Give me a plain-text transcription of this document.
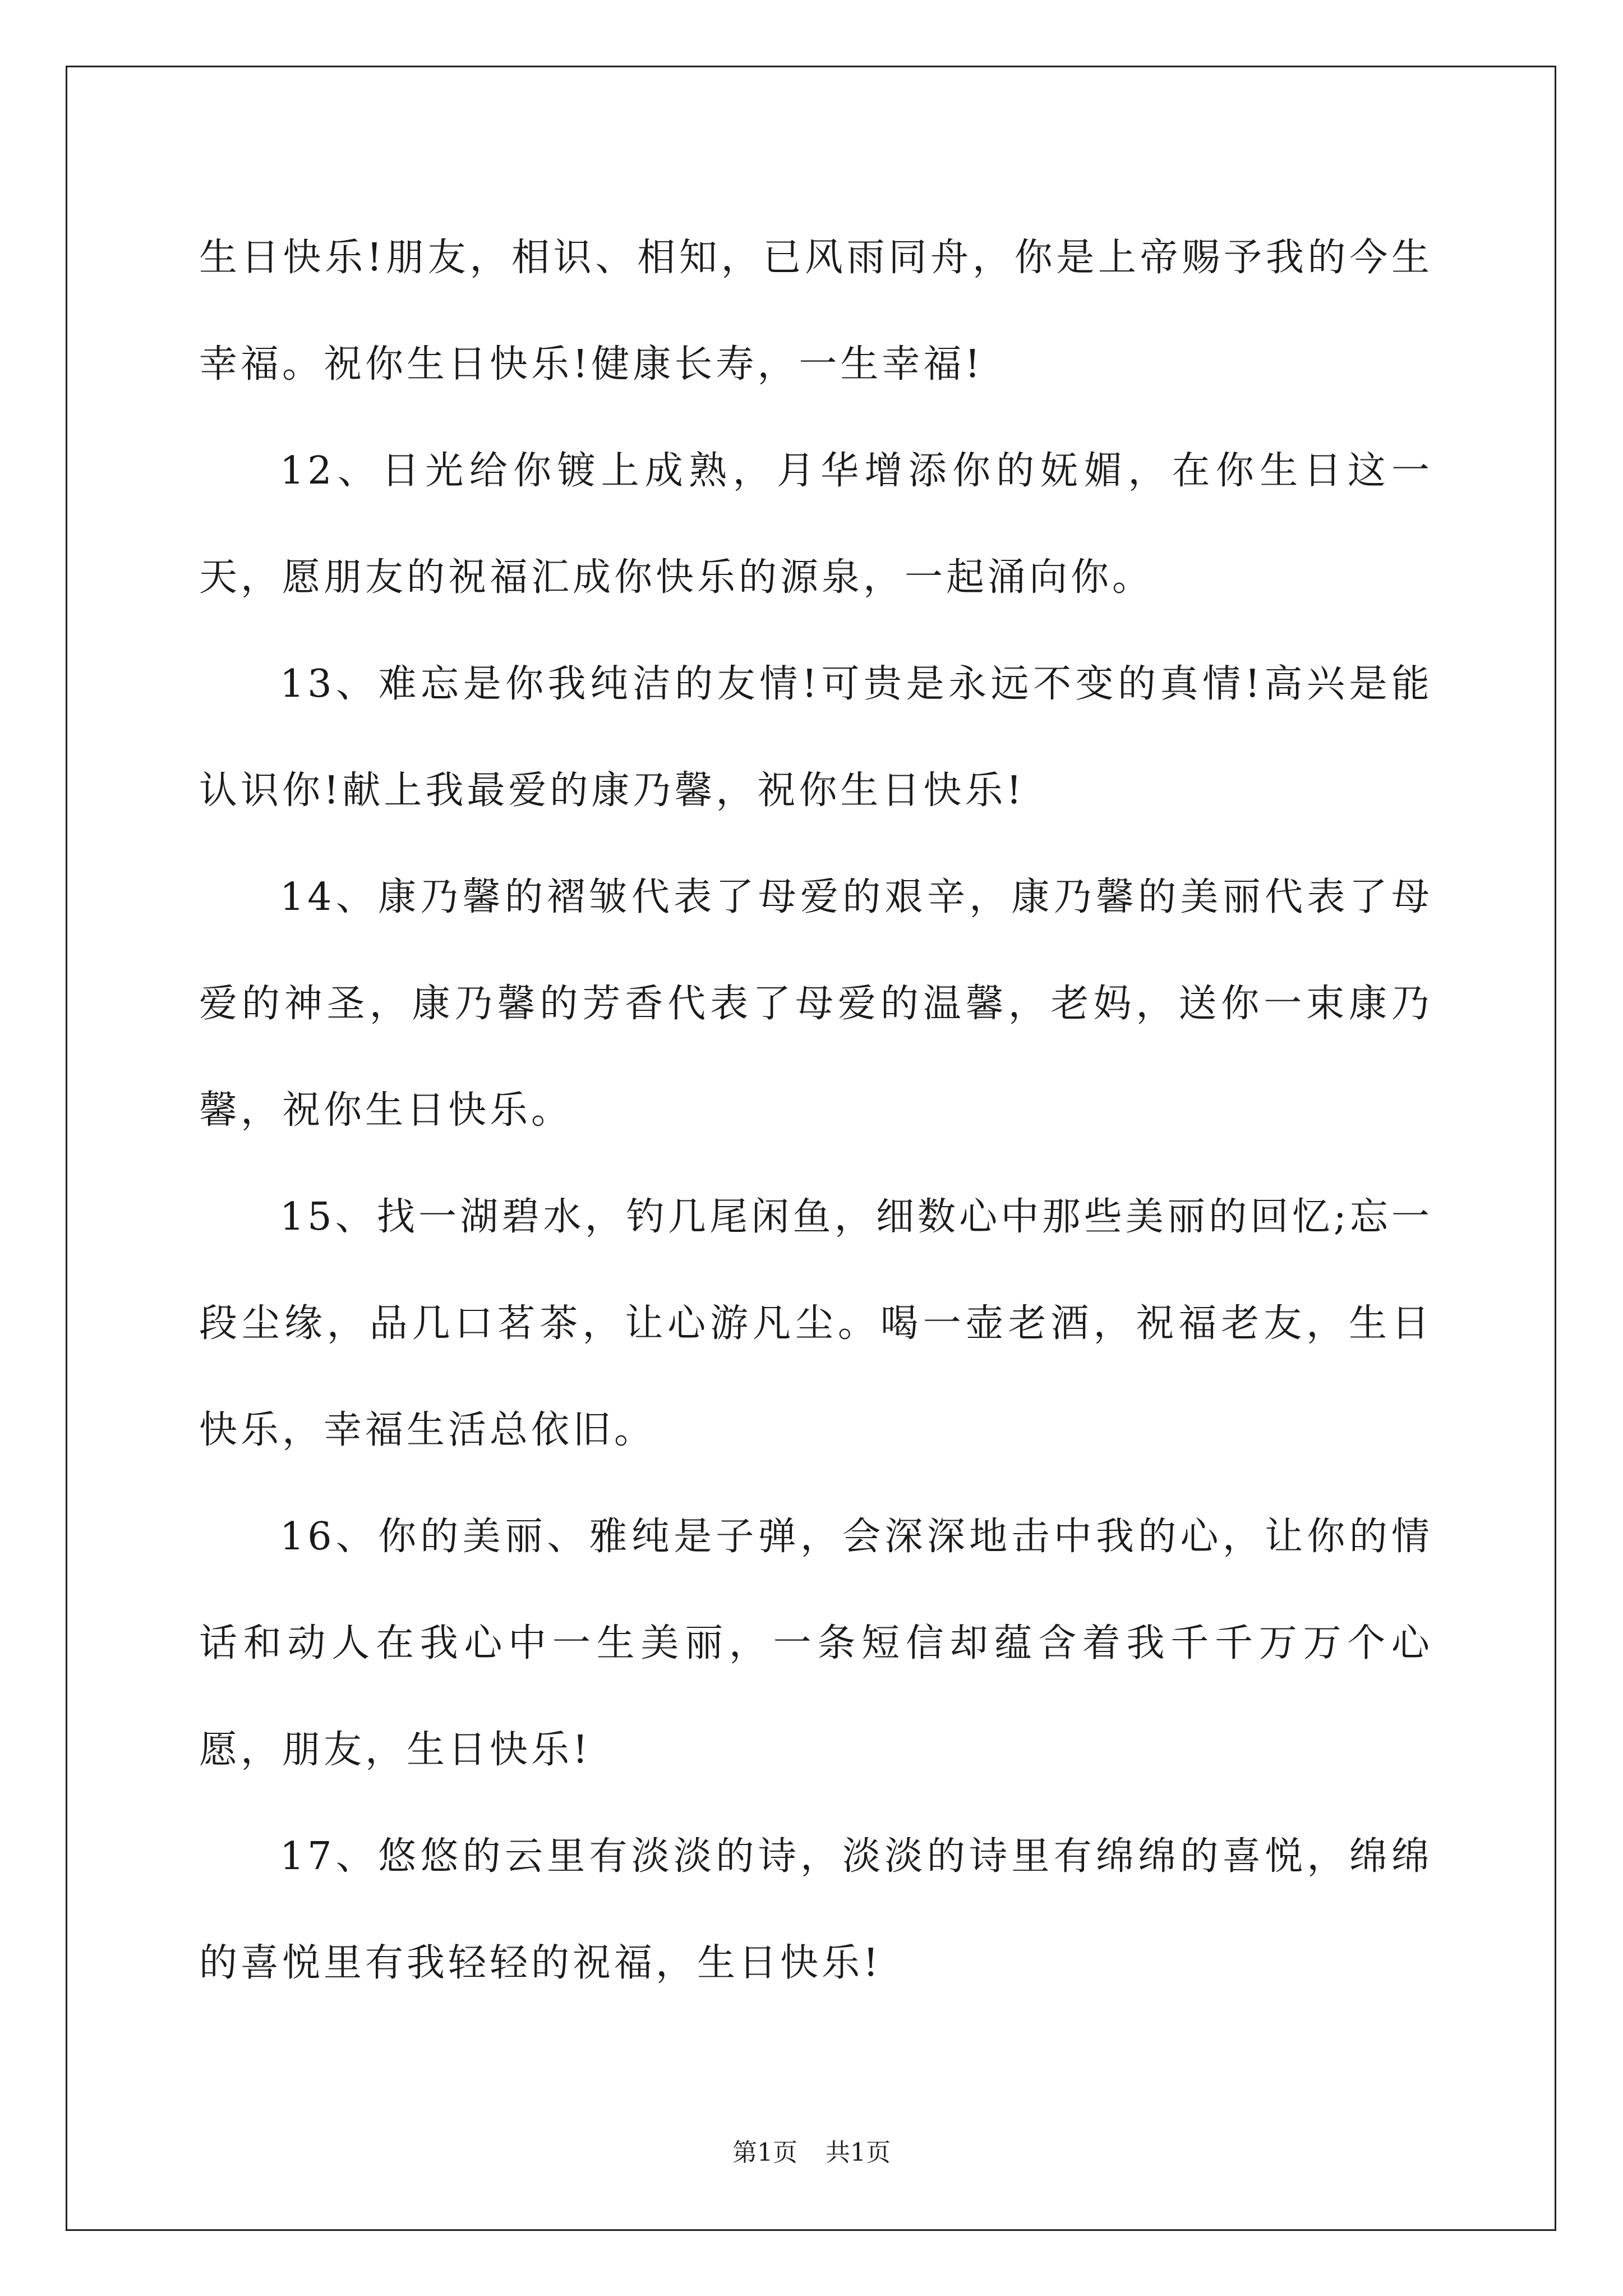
生日快乐!朋友，相识、相知，已风雨同舟，你是上帝赐予我的今生幸福。祝你生日快乐!健康长寿，一生幸福!

12、日光给你镀上成熟，月华增添你的妩媚，在你生日这一天，愿朋友的祝福汇成你快乐的源泉，一起涌向你。

13、难忘是你我纯洁的友情!可贵是永远不变的真情!高兴是能认识你!献上我最爱的康乃馨，祝你生日快乐!

14、康乃馨的褶皱代表了母爱的艰辛，康乃馨的美丽代表了母爱的神圣，康乃馨的芳香代表了母爱的温馨，老妈，送你一束康乃馨，祝你生日快乐。

15、找一湖碧水，钓几尾闲鱼，细数心中那些美丽的回忆;忘一段尘缘，品几口茗茶，让心游凡尘。喝一壶老酒，祝福老友，生日快乐，幸福生活总依旧。

16、你的美丽、雅纯是子弹，会深深地击中我的心，让你的情话和动人在我心中一生美丽，一条短信却蕴含着我千千万万个心愿，朋友，生日快乐!

17、悠悠的云里有淡淡的诗，淡淡的诗里有绵绵的喜悦，绵绵的喜悦里有我轻轻的祝福，生日快乐!

第1页 共1页
